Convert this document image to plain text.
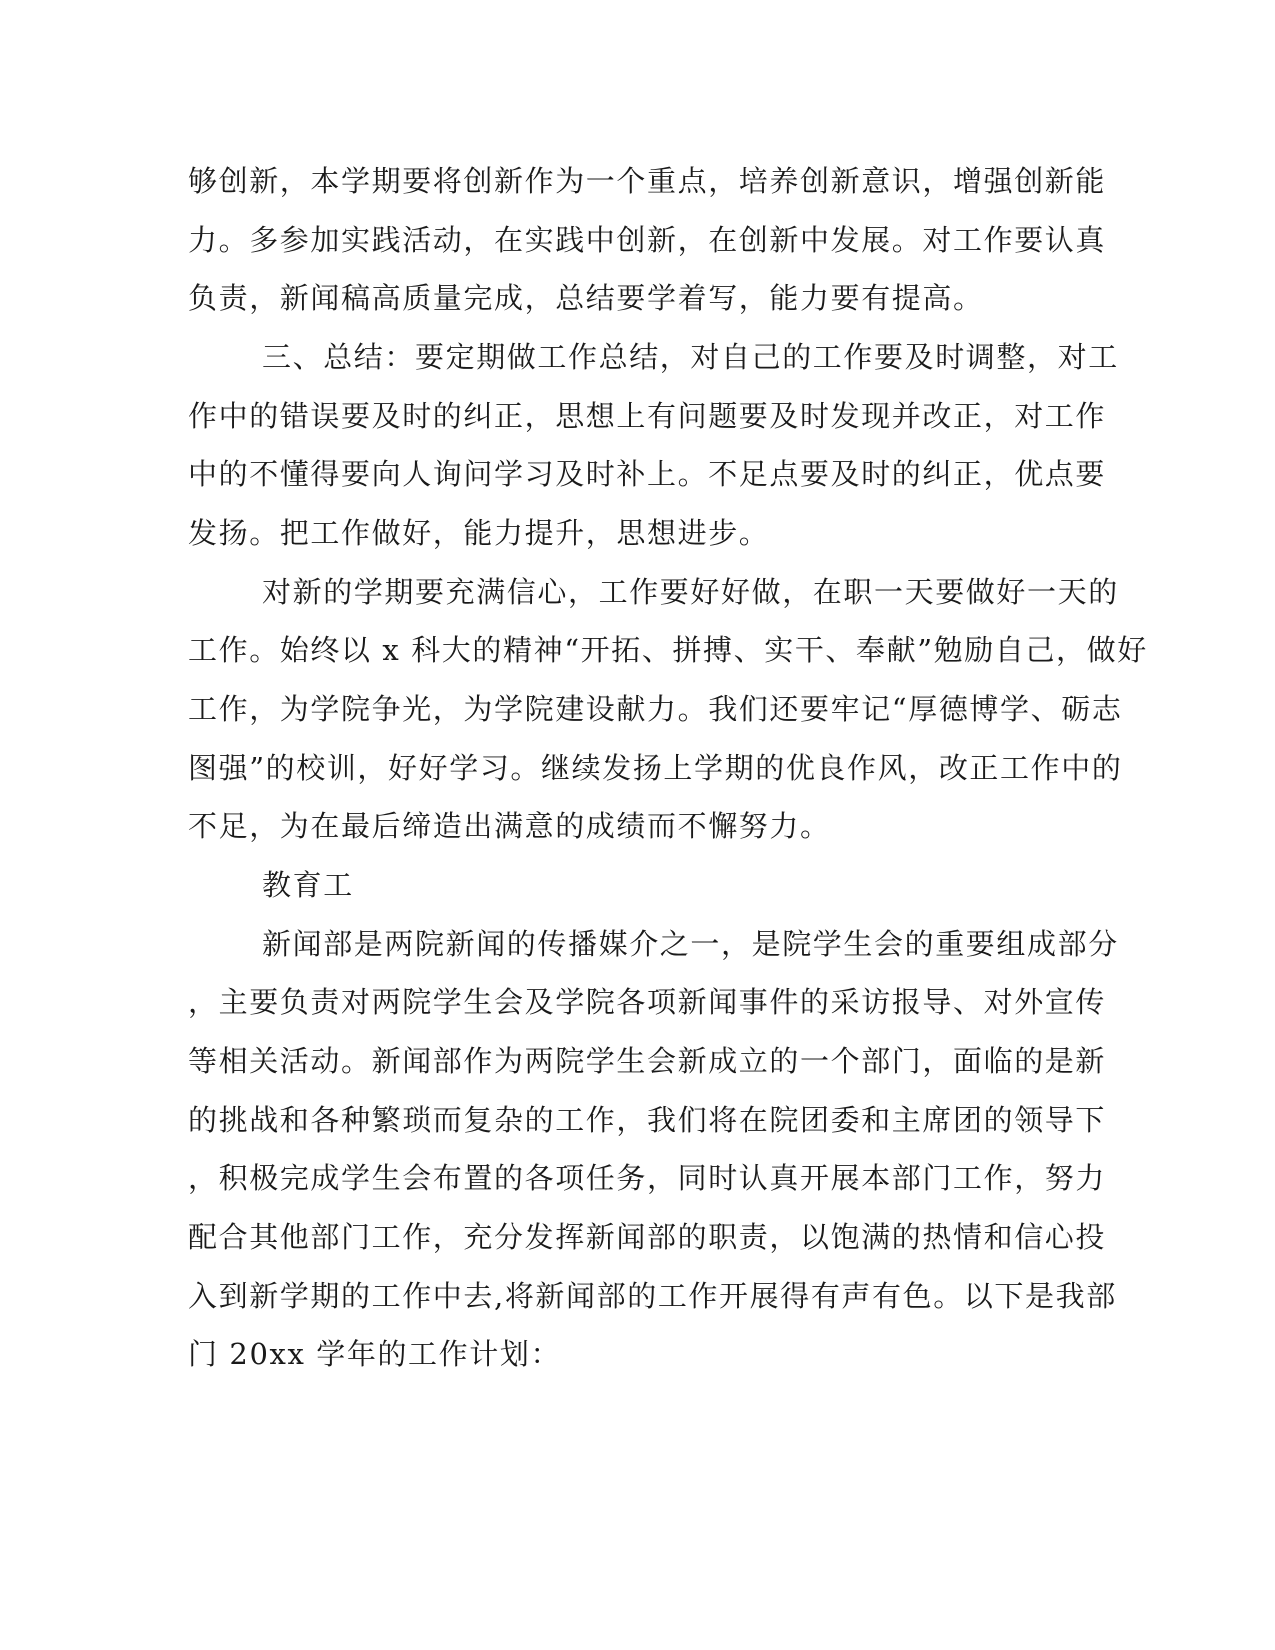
够创新，本学期要将创新作为一个重点，培养创新意识，增强创新能
力。多参加实践活动，在实践中创新，在创新中发展。对工作要认真
负责，新闻稿高质量完成，总结要学着写，能力要有提高。
三、总结：要定期做工作总结，对自己的工作要及时调整，对工
作中的错误要及时的纠正，思想上有问题要及时发现并改正，对工作
中的不懂得要向人询问学习及时补上。不足点要及时的纠正，优点要
发扬。把工作做好，能力提升，思想进步。
对新的学期要充满信心，工作要好好做，在职一天要做好一天的
工作。始终以 x 科大的精神“开拓、拼搏、实干、奉献”勉励自己，做好
工作，为学院争光，为学院建设献力。我们还要牢记“厚德博学、砺志
图强”的校训，好好学习。继续发扬上学期的优良作风，改正工作中的
不足，为在最后缔造出满意的成绩而不懈努力。
教育工
新闻部是两院新闻的传播媒介之一，是院学生会的重要组成部分
，主要负责对两院学生会及学院各项新闻事件的采访报导、对外宣传
等相关活动。新闻部作为两院学生会新成立的一个部门，面临的是新
的挑战和各种繁琐而复杂的工作，我们将在院团委和主席团的领导下
，积极完成学生会布置的各项任务，同时认真开展本部门工作，努力
配合其他部门工作，充分发挥新闻部的职责，以饱满的热情和信心投
入到新学期的工作中去,将新闻部的工作开展得有声有色。以下是我部
门 20xx 学年的工作计划：
